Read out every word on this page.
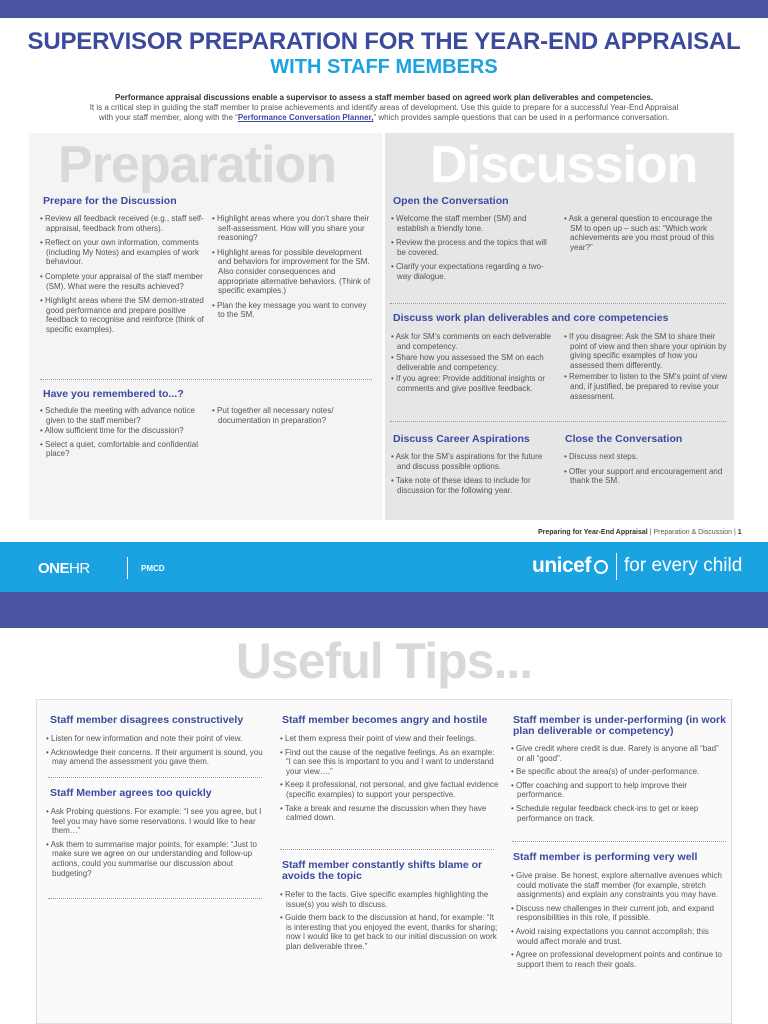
SUPERVISOR PREPARATION FOR THE YEAR-END APPRAISAL
WITH STAFF MEMBERS
Performance appraisal discussions enable a supervisor to assess a staff member based on agreed work plan deliverables and competencies.
It is a critical step in guiding the staff member to praise achievements and identify areas of development. Use this guide to prepare for a successful Year-End Appraisal
with your staff member, along with the “Performance Conversation Planner,” which provides sample questions that can be used in a performance conversation.
Preparation Discussion
Prepare for the Discussion
• Review all feedback received (e.g., staff self-appraisal, feedback from others).
• Reflect on your own information, comments (including My Notes) and examples of work behaviour.
• Complete your appraisal of the staff member (SM). What were the results achieved?
• Highlight areas where the SM demon-strated good performance and prepare positive feedback to recognise and reinforce (think of specific examples).
• Highlight areas where you don’t share their self-assessment. How will you share your reasoning?
• Highlight areas for possible development and behaviors for improvement for the SM. Also consider consequences and appropriate alternative behaviors. (Think of specific examples.)
• Plan the key message you want to convey to the SM.
Have you remembered to...?
• Schedule the meeting with advance notice given to the staff member?
• Allow sufficient time for the discussion?
• Select a quiet, comfortable and confidential place?
• Put together all necessary notes/ documentation in preparation?
Open the Conversation
• Welcome the staff member (SM) and establish a friendly tone.
• Review the process and the topics that will be covered.
• Clarify your expectations regarding a two-way dialogue.
• Ask a general question to encourage the SM to open up – such as: “Which work achievements are you most proud of this year?”
Discuss work plan deliverables and core competencies
• Ask for SM’s comments on each deliverable and competency.
• Share how you assessed the SM on each deliverable and competency.
• If you agree: Provide additional insights or comments and give positive feedback.
• If you disagree: Ask the SM to share their point of view and then share your opinion by giving specific examples of how you assessed them differently.
• Remember to listen to the SM’s point of view and, if justified, be prepared to revise your assessment.
Discuss Career Aspirations
• Ask for the SM’s aspirations for the future and discuss possible options.
• Take note of these ideas to include for discussion for the following year.
Close the Conversation
• Discuss next steps.
• Offer your support and encouragement and thank the SM.
Preparing for Year-End Appraisal | Preparation & Discussion | 1
ONEHR	PMCD	unicef for every child
Useful Tips...
Staff member disagrees constructively
• Listen for new information and note their point of view.
• Acknowledge their concerns. If their argument is sound, you may amend the assessment you gave them.
Staff Member agrees too quickly
• Ask Probing questions. For example: “I see you agree, but I feel you may have some reservations. I would like to hear them…”
• Ask them to summarise major points, for example: “Just to make sure we agree on our understanding and follow-up actions, could you summarise our discussion about budgeting?
Staff member becomes angry and hostile
• Let them express their point of view and their feelings.
• Find out the cause of the negative feelings. As an example: “I can see this is important to you and I want to understand your view….”
• Keep it professional, not personal, and give factual evidence (specific examples) to support your perspective.
• Take a break and resume the discussion when they have calmed down.
Staff member constantly shifts blame or avoids the topic
• Refer to the facts. Give specific examples highlighting the issue(s) you wish to discuss.
• Guide them back to the discussion at hand, for example: “It is interesting that you enjoyed the event, thanks for sharing; now I would like to get back to our initial discussion on work plan deliverable three.”
Staff member is under-performing (in work plan deliverable or competency)
• Give credit where credit is due. Rarely is anyone all “bad” or all “good”.
• Be specific about the area(s) of under-performance.
• Offer coaching and support to help improve their performance.
• Schedule regular feedback check-ins to get or keep performance on track.
Staff member is performing very well
• Give praise. Be honest, explore alternative avenues which could motivate the staff member (for example, stretch assignments) and explain any constraints you may have.
• Discuss new challenges in their current job, and expand responsibilities in this role, if possible.
• Avoid raising expectations you cannot accomplish; this would affect morale and trust.
• Agree on professional development points and continue to support them to reach their goals.
